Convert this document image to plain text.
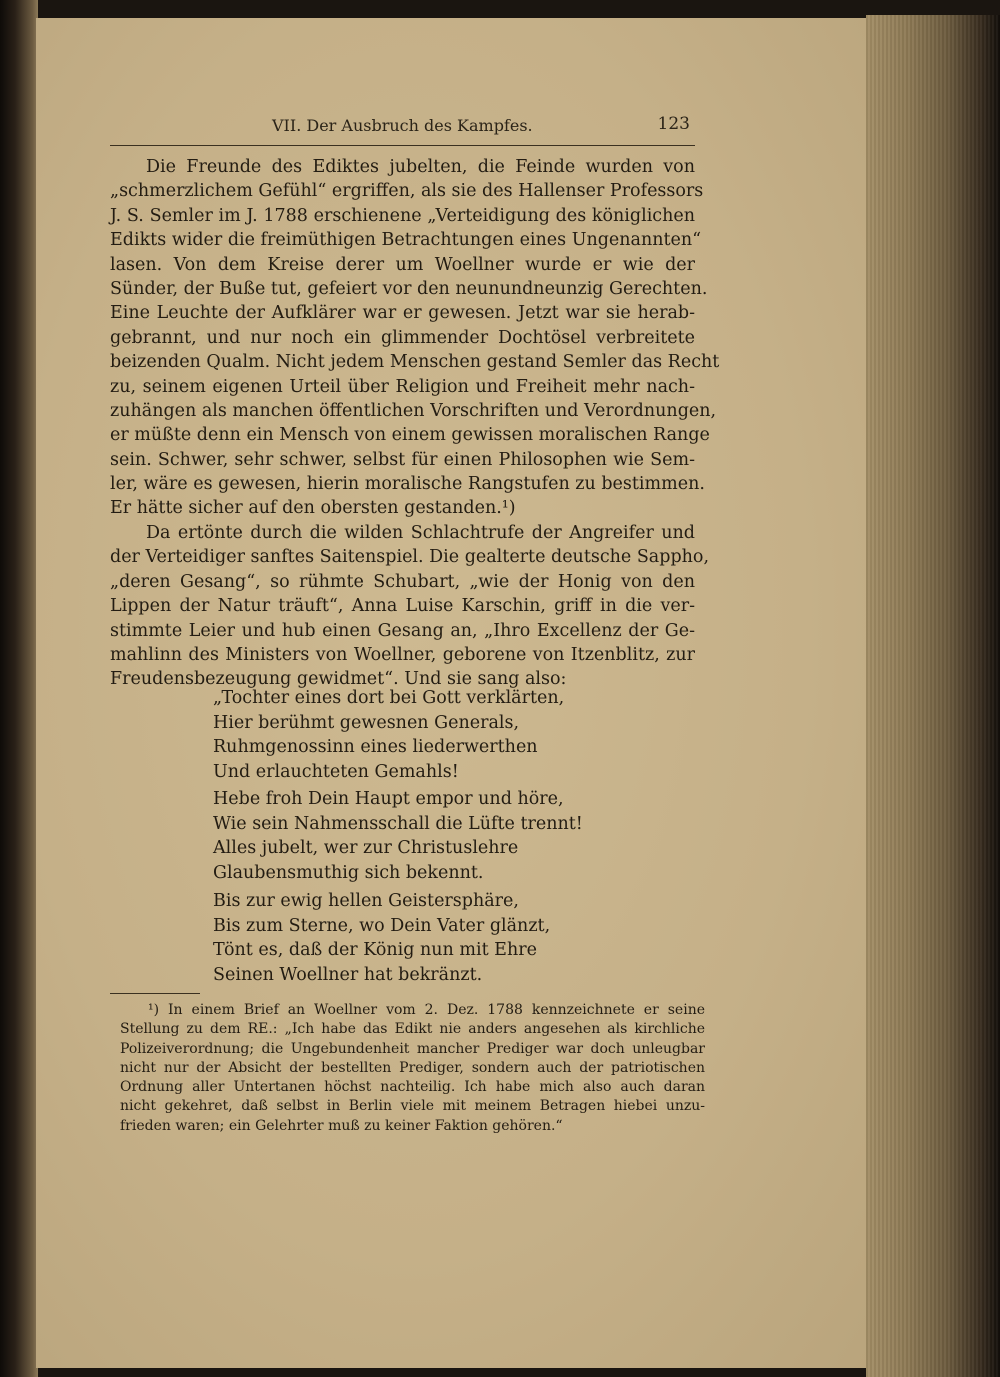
VII. Der Ausbruch des Kampfes.	123
Die Freunde des Ediktes jubelten, die Feinde wurden von
„schmerzlichem Gefühl“ ergriffen, als sie des Hallenser Professors
J. S. Semler im J. 1788 erschienene „Verteidigung des königlichen
Edikts wider die freimüthigen Betrachtungen eines Ungenannten“
lasen. Von dem Kreise derer um Woellner wurde er wie der
Sünder, der Buße tut, gefeiert vor den neunundneunzig Gerechten.
Eine Leuchte der Aufklärer war er gewesen. Jetzt war sie herab-
gebrannt, und nur noch ein glimmender Dochtösel verbreitete
beizenden Qualm. Nicht jedem Menschen gestand Semler das Recht
zu, seinem eigenen Urteil über Religion und Freiheit mehr nach-
zuhängen als manchen öffentlichen Vorschriften und Verordnungen,
er müßte denn ein Mensch von einem gewissen moralischen Range
sein. Schwer, sehr schwer, selbst für einen Philosophen wie Sem-
ler, wäre es gewesen, hierin moralische Rangstufen zu bestimmen.
Er hätte sicher auf den obersten gestanden.¹)
Da ertönte durch die wilden Schlachtrufe der Angreifer und
der Verteidiger sanftes Saitenspiel. Die gealterte deutsche Sappho,
„deren Gesang“, so rühmte Schubart, „wie der Honig von den
Lippen der Natur träuft“, Anna Luise Karschin, griff in die ver-
stimmte Leier und hub einen Gesang an, „Ihro Excellenz der Ge-
mahlinn des Ministers von Woellner, geborene von Itzenblitz, zur
Freudensbezeugung gewidmet“. Und sie sang also:
„Tochter eines dort bei Gott verklärten,
Hier berühmt gewesnen Generals,
Ruhmgenossinn eines liederwerthen
Und erlauchteten Gemahls!
Hebe froh Dein Haupt empor und höre,
Wie sein Nahmensschall die Lüfte trennt!
Alles jubelt, wer zur Christuslehre
Glaubensmuthig sich bekennt.
Bis zur ewig hellen Geistersphäre,
Bis zum Sterne, wo Dein Vater glänzt,
Tönt es, daß der König nun mit Ehre
Seinen Woellner hat bekränzt.
¹) In einem Brief an Woellner vom 2. Dez. 1788 kennzeichnete er seine
Stellung zu dem RE.: „Ich habe das Edikt nie anders angesehen als kirchliche
Polizeiverordnung; die Ungebundenheit mancher Prediger war doch unleugbar
nicht nur der Absicht der bestellten Prediger, sondern auch der patriotischen
Ordnung aller Untertanen höchst nachteilig. Ich habe mich also auch daran
nicht gekehret, daß selbst in Berlin viele mit meinem Betragen hiebei unzu-
frieden waren; ein Gelehrter muß zu keiner Faktion gehören.“
